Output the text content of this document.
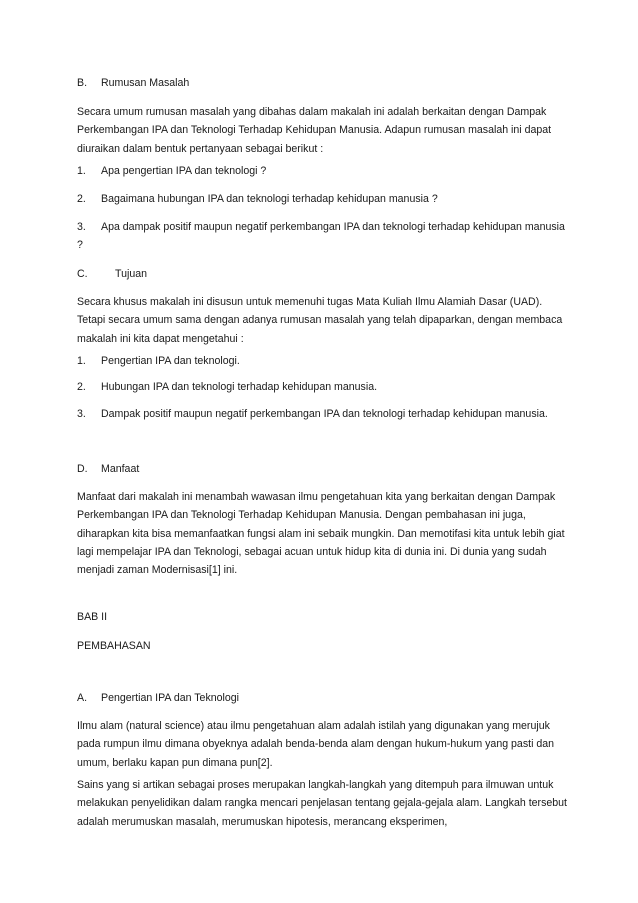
B. Rumusan Masalah

Secara umum rumusan masalah yang dibahas dalam makalah ini adalah berkaitan dengan Dampak Perkembangan IPA dan Teknologi Terhadap Kehidupan Manusia. Adapun rumusan masalah ini dapat diuraikan dalam bentuk pertanyaan sebagai berikut :

1. Apa pengertian IPA dan teknologi ?

2. Bagaimana hubungan IPA dan teknologi terhadap kehidupan manusia ?

3. Apa dampak positif maupun negatif perkembangan IPA dan teknologi terhadap kehidupan manusia ?

C.	Tujuan

Secara khusus makalah ini disusun untuk memenuhi tugas Mata Kuliah Ilmu Alamiah Dasar (UAD). Tetapi secara umum sama dengan adanya rumusan masalah yang telah dipaparkan, dengan membaca makalah ini kita dapat mengetahui :

1. Pengertian IPA dan teknologi.

2. Hubungan IPA dan teknologi terhadap kehidupan manusia.

3. Dampak positif maupun negatif perkembangan IPA dan teknologi terhadap kehidupan manusia.

D. Manfaat

Manfaat dari makalah ini menambah wawasan ilmu pengetahuan kita yang berkaitan dengan Dampak Perkembangan IPA dan Teknologi Terhadap Kehidupan Manusia. Dengan pembahasan ini juga, diharapkan kita bisa memanfaatkan fungsi alam ini sebaik mungkin. Dan memotifasi kita untuk lebih giat lagi mempelajar IPA dan Teknologi, sebagai acuan untuk hidup kita di dunia ini. Di dunia yang sudah menjadi zaman Modernisasi[1] ini.

BAB II

PEMBAHASAN

A. Pengertian IPA dan Teknologi

Ilmu alam (natural science) atau ilmu pengetahuan alam adalah istilah yang digunakan yang merujuk pada rumpun ilmu dimana obyeknya adalah benda-benda alam dengan hukum-hukum yang pasti dan umum, berlaku kapan pun dimana pun[2].

Sains yang si artikan sebagai proses merupakan langkah-langkah yang ditempuh para ilmuwan untuk melakukan penyelidikan dalam rangka mencari penjelasan tentang gejala-gejala alam. Langkah tersebut adalah merumuskan masalah, merumuskan hipotesis, merancang eksperimen,
